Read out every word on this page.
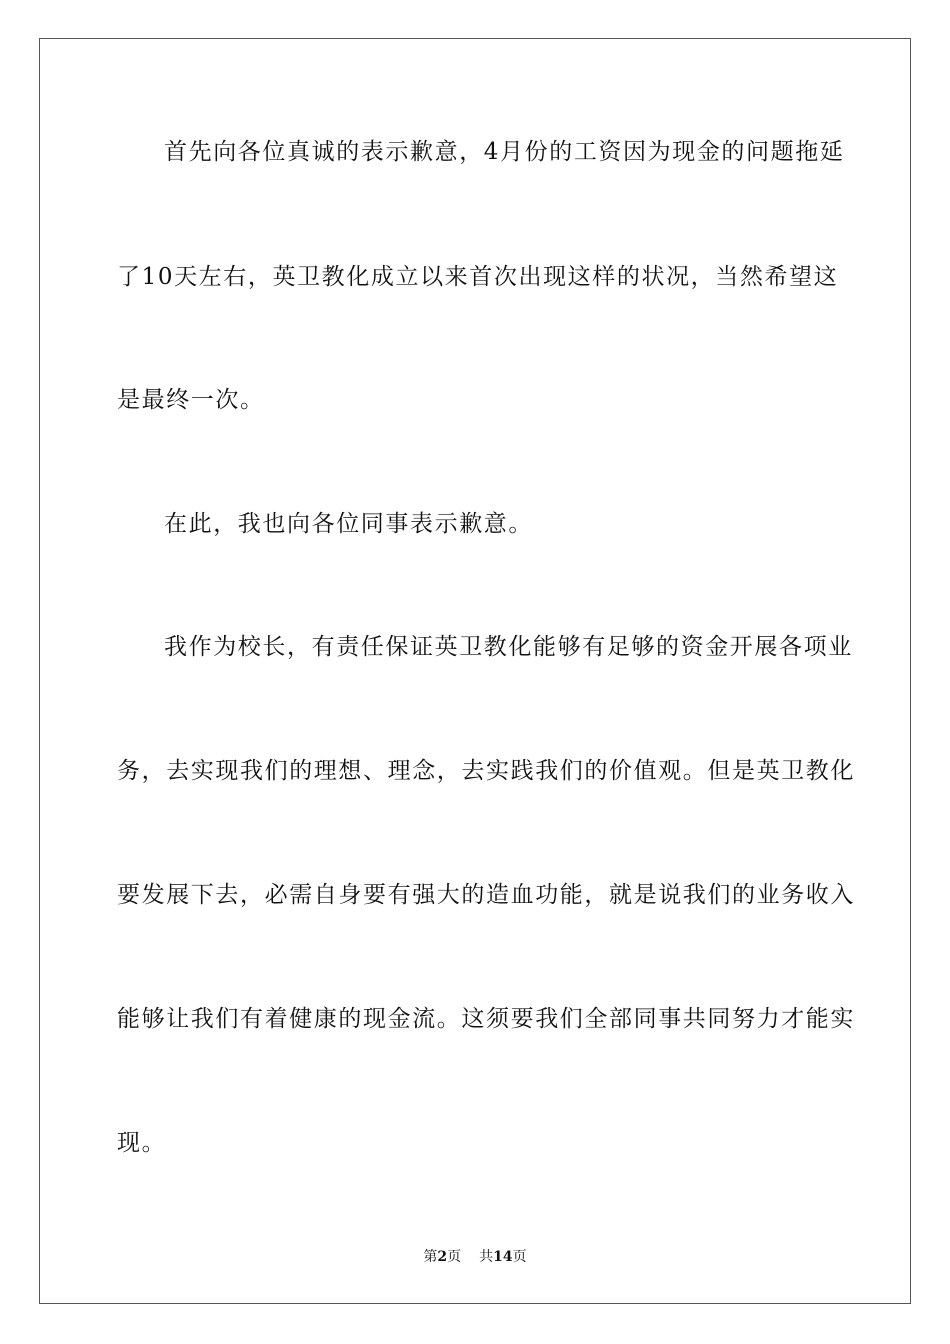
首先向各位真诚的表示歉意，4月份的工资因为现金的问题拖延
了10天左右，英卫教化成立以来首次出现这样的状况，当然希望这
是最终一次。
在此，我也向各位同事表示歉意。
我作为校长，有责任保证英卫教化能够有足够的资金开展各项业
务，去实现我们的理想、理念，去实践我们的价值观。但是英卫教化
要发展下去，必需自身要有强大的造血功能，就是说我们的业务收入
能够让我们有着健康的现金流。这须要我们全部同事共同努力才能实
现。
第2页 共14页
